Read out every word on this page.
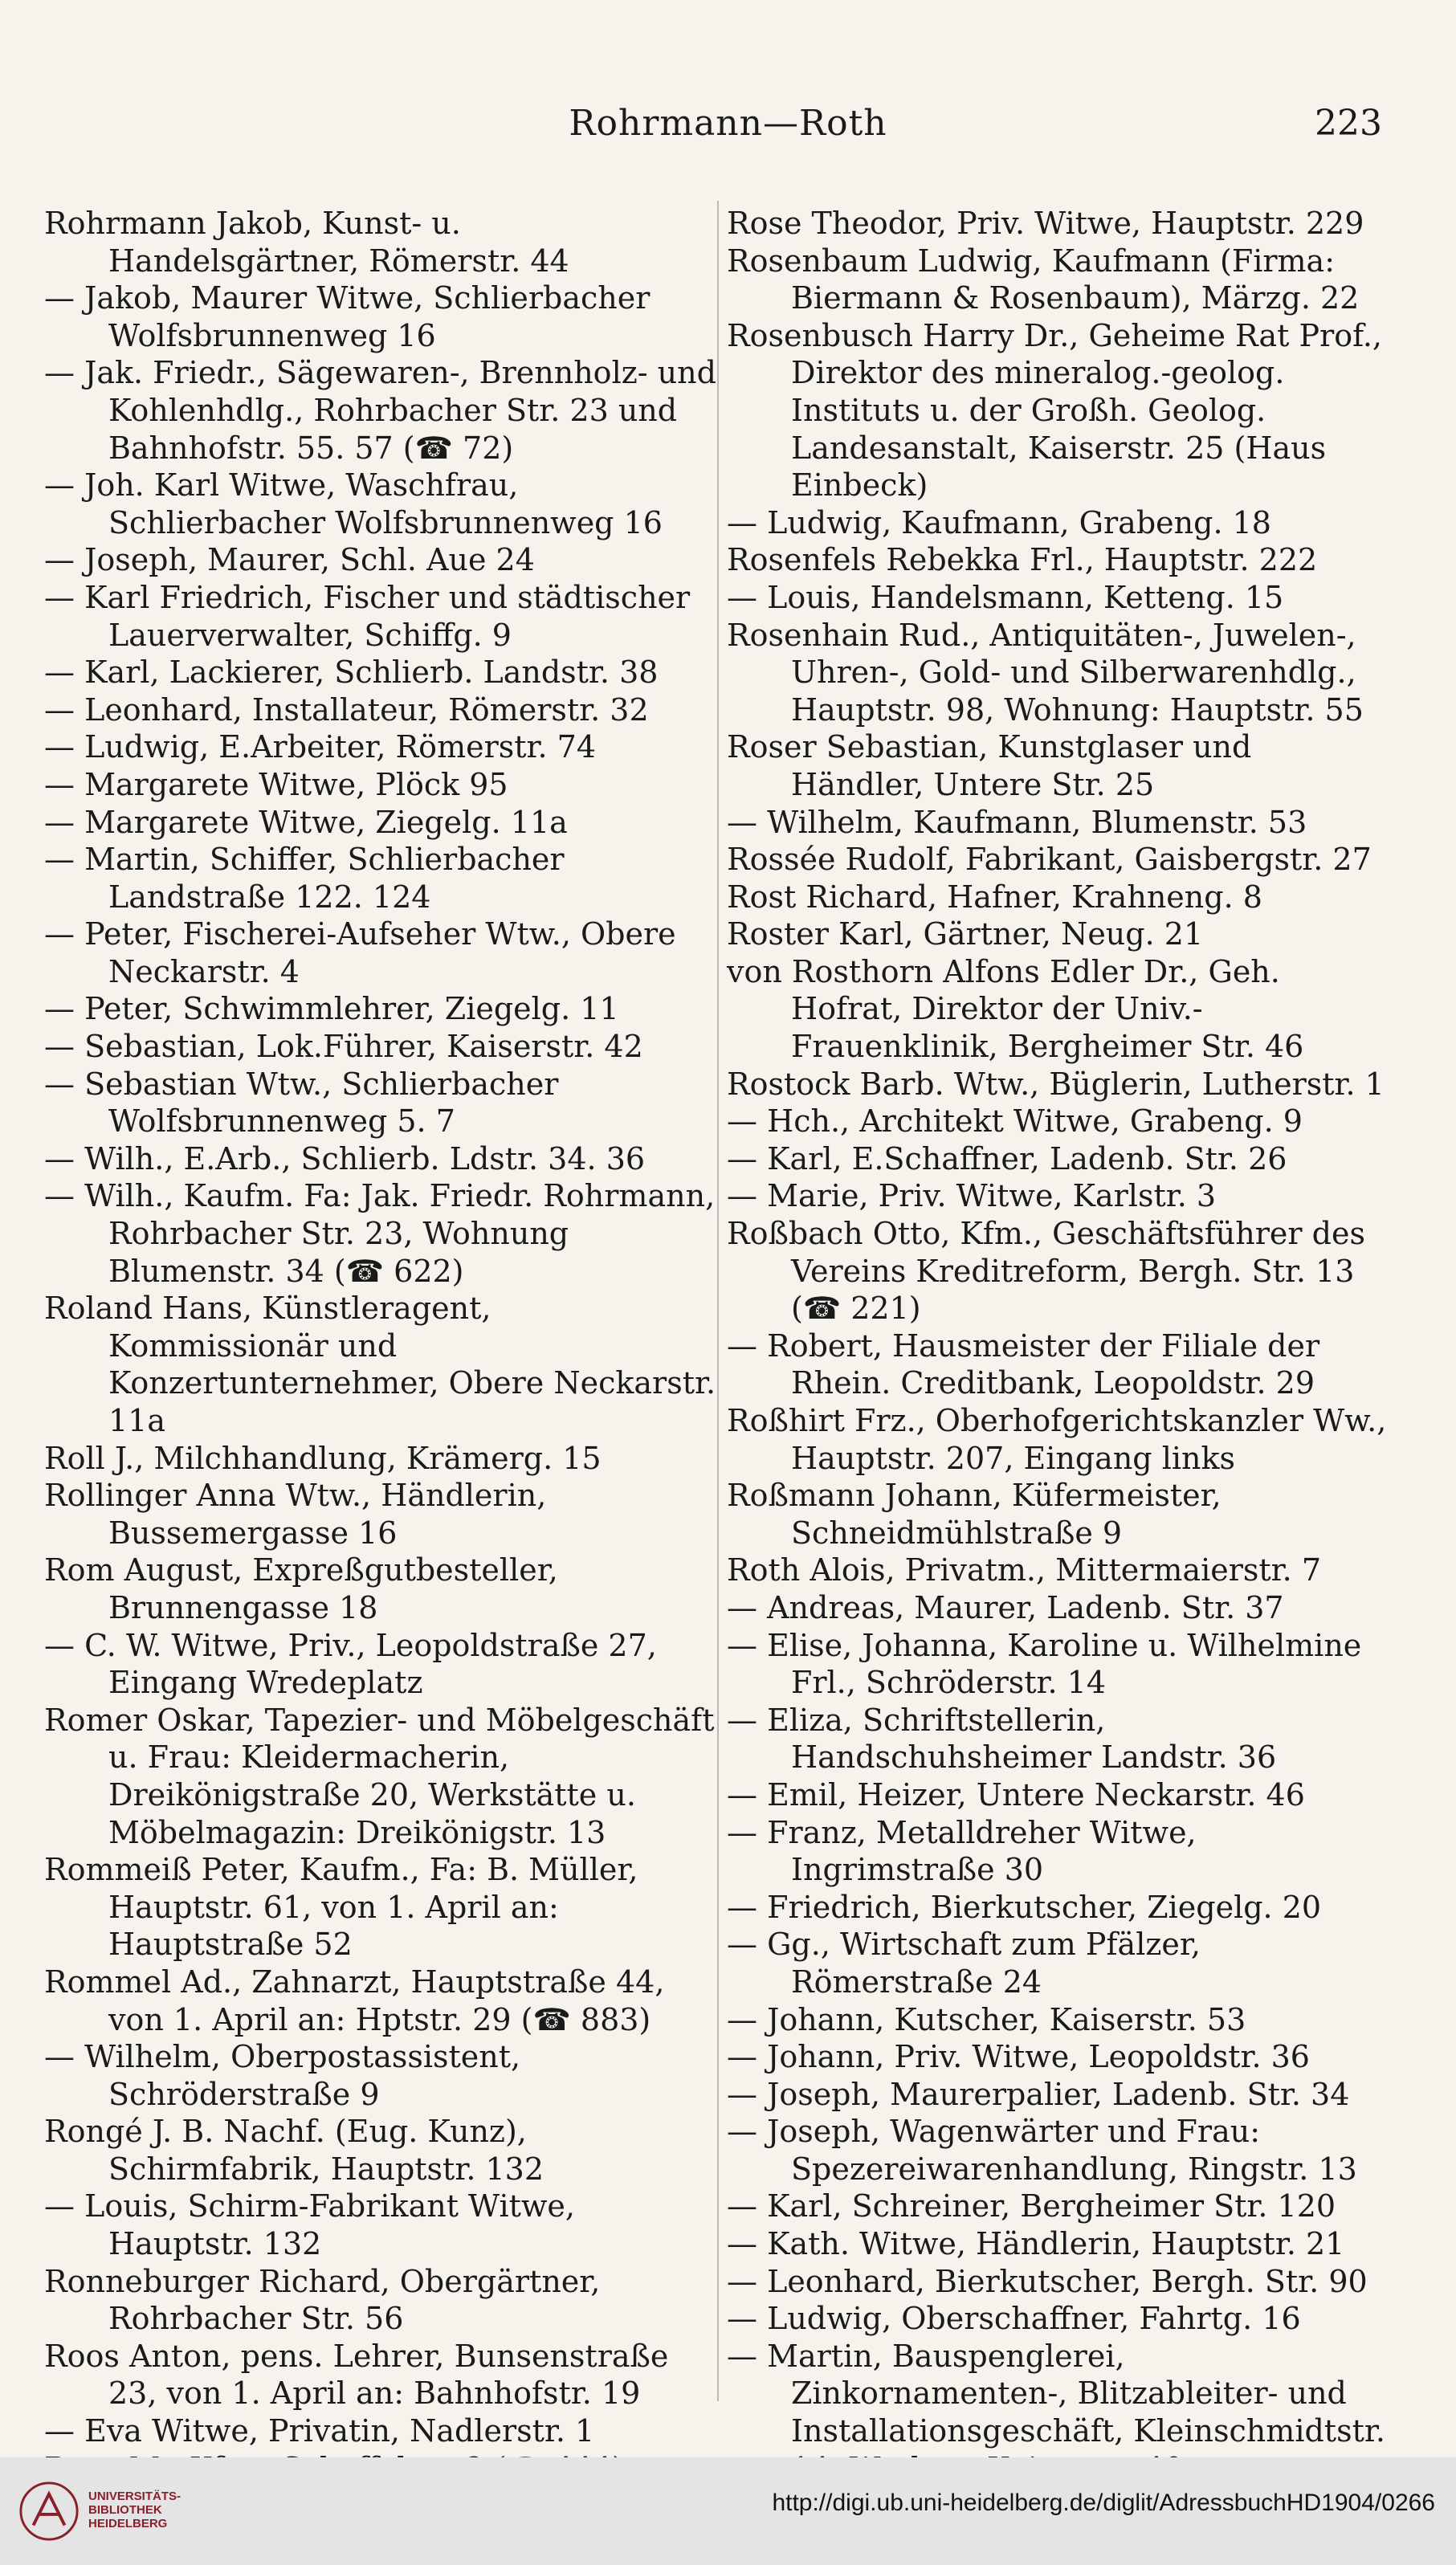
Rohrmann—Roth	223
Rohrmann Jakob, Kunst- u. Handelsgärtner, Römerstr. 44
— Jakob, Maurer Witwe, Schlierbacher Wolfsbrunnenweg 16
— Jak. Friedr., Sägewaren-, Brennholz- und Kohlenhdlg., Rohrbacher Str. 23 und Bahnhofstr. 55. 57 (☎ 72)
— Joh. Karl Witwe, Waschfrau, Schlierbacher Wolfsbrunnenweg 16
— Joseph, Maurer, Schl. Aue 24
— Karl Friedrich, Fischer und städtischer Lauerverwalter, Schiffg. 9
— Karl, Lackierer, Schlierb. Landstr. 38
— Leonhard, Installateur, Römerstr. 32
— Ludwig, E.Arbeiter, Römerstr. 74
— Margarete Witwe, Plöck 95
— Margarete Witwe, Ziegelg. 11a
— Martin, Schiffer, Schlierbacher Landstraße 122. 124
— Peter, Fischerei-Aufseher Wtw., Obere Neckarstr. 4
— Peter, Schwimmlehrer, Ziegelg. 11
— Sebastian, Lok.Führer, Kaiserstr. 42
— Sebastian Wtw., Schlierbacher Wolfsbrunnenweg 5. 7
— Wilh., E.Arb., Schlierb. Ldstr. 34. 36
— Wilh., Kaufm. Fa: Jak. Friedr. Rohrmann, Rohrbacher Str. 23, Wohnung Blumenstr. 34 (☎ 622)
Roland Hans, Künstleragent, Kommissionär und Konzertunternehmer, Obere Neckarstr. 11a
Roll J., Milchhandlung, Krämerg. 15
Rollinger Anna Wtw., Händlerin, Bussemergasse 16
Rom August, Expreßgutbesteller, Brunnengasse 18
— C. W. Witwe, Priv., Leopoldstraße 27, Eingang Wredeplatz
Romer Oskar, Tapezier- und Möbelgeschäft u. Frau: Kleidermacherin, Dreikönigstraße 20, Werkstätte u. Möbelmagazin: Dreikönigstr. 13
Rommeiß Peter, Kaufm., Fa: B. Müller, Hauptstr. 61, von 1. April an: Hauptstraße 52
Rommel Ad., Zahnarzt, Hauptstraße 44, von 1. April an: Hptstr. 29 (☎ 883)
— Wilhelm, Oberpostassistent, Schröderstraße 9
Rongé J. B. Nachf. (Eug. Kunz), Schirmfabrik, Hauptstr. 132
— Louis, Schirm-Fabrikant Witwe, Hauptstr. 132
Ronneburger Richard, Obergärtner, Rohrbacher Str. 56
Roos Anton, pens. Lehrer, Bunsenstraße 23, von 1. April an: Bahnhofstr. 19
— Eva Witwe, Privatin, Nadlerstr. 1
Rose Theodor, Priv. Witwe, Hauptstr. 229
Rosenbaum Ludwig, Kaufmann (Firma: Biermann & Rosenbaum), Märzg. 22
Rosenbusch Harry Dr., Geheime Rat Prof., Direktor des mineralog.-geolog. Instituts u. der Großh. Geolog. Landesanstalt, Kaiserstr. 25 (Haus Einbeck)
— Ludwig, Kaufmann, Grabeng. 18
Rosenfels Rebekka Frl., Hauptstr. 222
— Louis, Handelsmann, Ketteng. 15
Rosenhain Rud., Antiquitäten-, Juwelen-, Uhren-, Gold- und Silberwarenhdlg., Hauptstr. 98, Wohnung: Hauptstr. 55
Roser Sebastian, Kunstglaser und Händler, Untere Str. 25
— Wilhelm, Kaufmann, Blumenstr. 53
Rossée Rudolf, Fabrikant, Gaisbergstr. 27
Rost Richard, Hafner, Krahneng. 8
Roster Karl, Gärtner, Neug. 21
von Rosthorn Alfons Edler Dr., Geh. Hofrat, Direktor der Univ.-Frauenklinik, Bergheimer Str. 46
Rostock Barb. Wtw., Büglerin, Lutherstr. 1
— Hch., Architekt Witwe, Grabeng. 9
— Karl, E.Schaffner, Ladenb. Str. 26
— Marie, Priv. Witwe, Karlstr. 3
Roßbach Otto, Kfm., Geschäftsführer des Vereins Kreditreform, Bergh. Str. 13 (☎ 221)
— Robert, Hausmeister der Filiale der Rhein. Creditbank, Leopoldstr. 29
Roßhirt Frz., Oberhofgerichtskanzler Ww., Hauptstr. 207, Eingang links
Roßmann Johann, Küfermeister, Schneidmühlstraße 9
Roth Alois, Privatm., Mittermaierstr. 7
— Andreas, Maurer, Ladenb. Str. 37
— Elise, Johanna, Karoline u. Wilhelmine Frl., Schröderstr. 14
— Eliza, Schriftstellerin, Handschuhsheimer Landstr. 36
— Emil, Heizer, Untere Neckarstr. 46
— Franz, Metalldreher Witwe, Ingrimstraße 30
— Friedrich, Bierkutscher, Ziegelg. 20
— Gg., Wirtschaft zum Pfälzer, Römerstraße 24
— Johann, Kutscher, Kaiserstr. 53
— Johann, Priv. Witwe, Leopoldstr. 36
— Joseph, Maurerpalier, Ladenb. Str. 34
— Joseph, Wagenwärter und Frau: Spezereiwarenhandlung, Ringstr. 13
— Karl, Schreiner, Bergheimer Str. 120
— Kath. Witwe, Händlerin, Hauptstr. 21
— Leonhard, Bierkutscher, Bergh. Str. 90
— Ludwig, Oberschaffner, Fahrtg. 16
— Martin, Bauspenglerei, Zinkornamenten-, Blitzableiter- und Installationsgeschäft, Kleinschmidtstr.
UNIVERSITÄTS-
BIBLIOTHEK
HEIDELBERG
http://digi.ub.uni-heidelberg.de/diglit/AdressbuchHD1904/0266
